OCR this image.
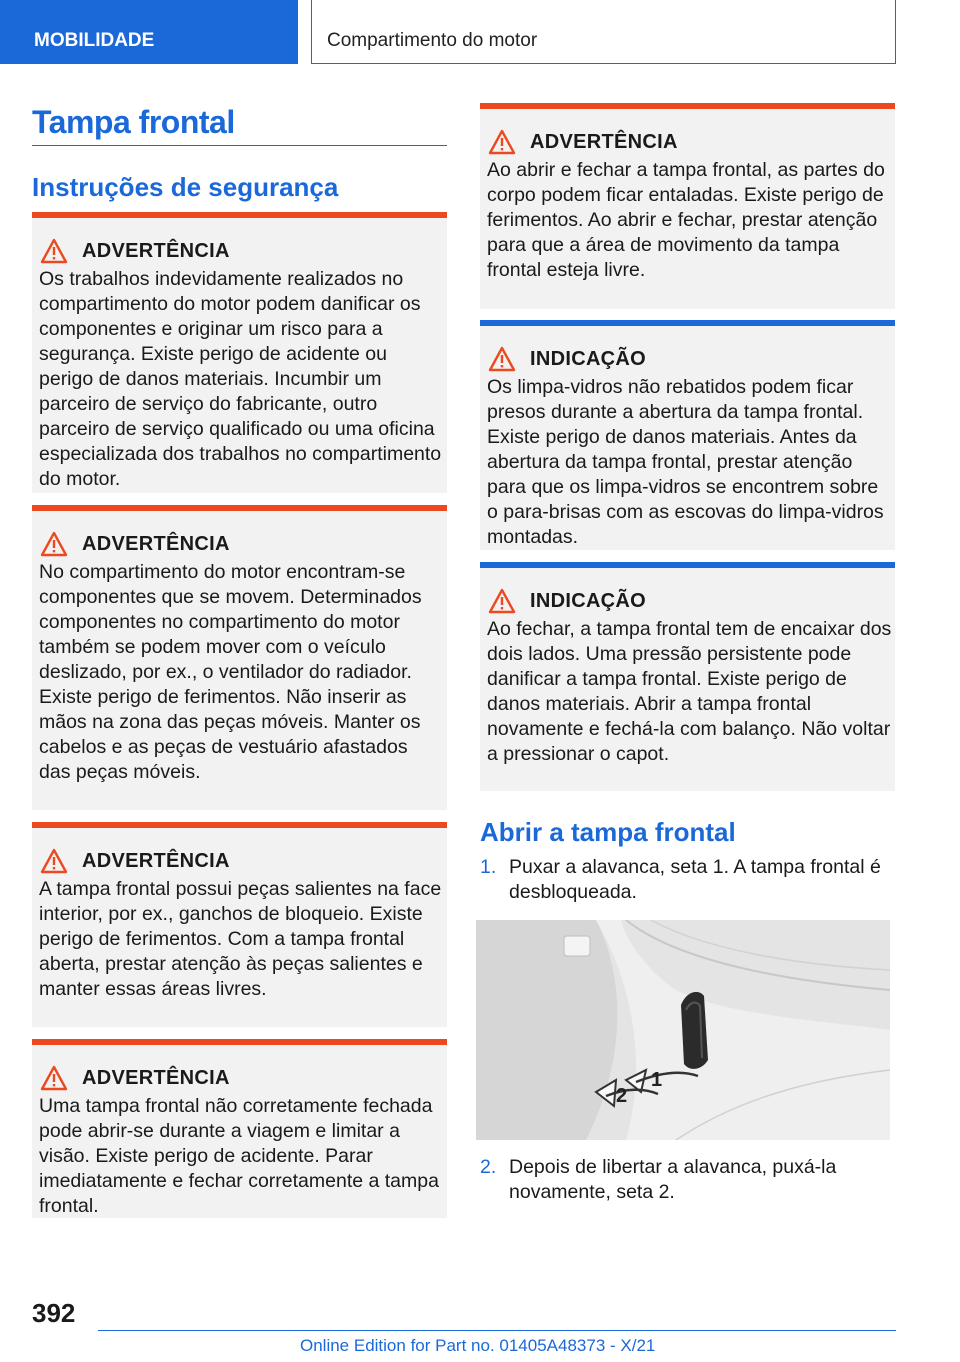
MOBILIDADE	Compartimento do motor
Tampa frontal
Instruções de segurança
ADVERTÊNCIA
Os trabalhos indevidamente realizados no compartimento do motor podem danificar os componentes e originar um risco para a segurança. Existe perigo de acidente ou perigo de danos materiais. Incumbir um parceiro de serviço do fabricante, outro parceiro de serviço qualificado ou uma oficina especializada dos trabalhos no compartimento do motor.
ADVERTÊNCIA
No compartimento do motor encontram-se componentes que se movem. Determinados componentes no compartimento do motor também se podem mover com o veículo deslizado, por ex., o ventilador do radiador. Existe perigo de ferimentos. Não inserir as mãos na zona das peças móveis. Manter os cabelos e as peças de vestuário afastados das peças móveis.
ADVERTÊNCIA
A tampa frontal possui peças salientes na face interior, por ex., ganchos de bloqueio. Existe perigo de ferimentos. Com a tampa frontal aberta, prestar atenção às peças salientes e manter essas áreas livres.
ADVERTÊNCIA
Uma tampa frontal não corretamente fechada pode abrir-se durante a viagem e limitar a visão. Existe perigo de acidente. Parar imediatamente e fechar corretamente a tampa frontal.
ADVERTÊNCIA
Ao abrir e fechar a tampa frontal, as partes do corpo podem ficar entaladas. Existe perigo de ferimentos. Ao abrir e fechar, prestar atenção para que a área de movimento da tampa frontal esteja livre.
INDICAÇÃO
Os limpa-vidros não rebatidos podem ficar presos durante a abertura da tampa frontal. Existe perigo de danos materiais. Antes da abertura da tampa frontal, prestar atenção para que os limpa-vidros se encontrem sobre o para-brisas com as escovas do limpa-vidros montadas.
INDICAÇÃO
Ao fechar, a tampa frontal tem de encaixar dos dois lados. Uma pressão persistente pode danificar a tampa frontal. Existe perigo de danos materiais. Abrir a tampa frontal novamente e fechá-la com balanço. Não voltar a pressionar o capot.
Abrir a tampa frontal
1. Puxar a alavanca, seta 1. A tampa frontal é desbloqueada.
1
2
2. Depois de libertar a alavanca, puxá-la novamente, seta 2.
392
Online Edition for Part no. 01405A48373 - X/21
